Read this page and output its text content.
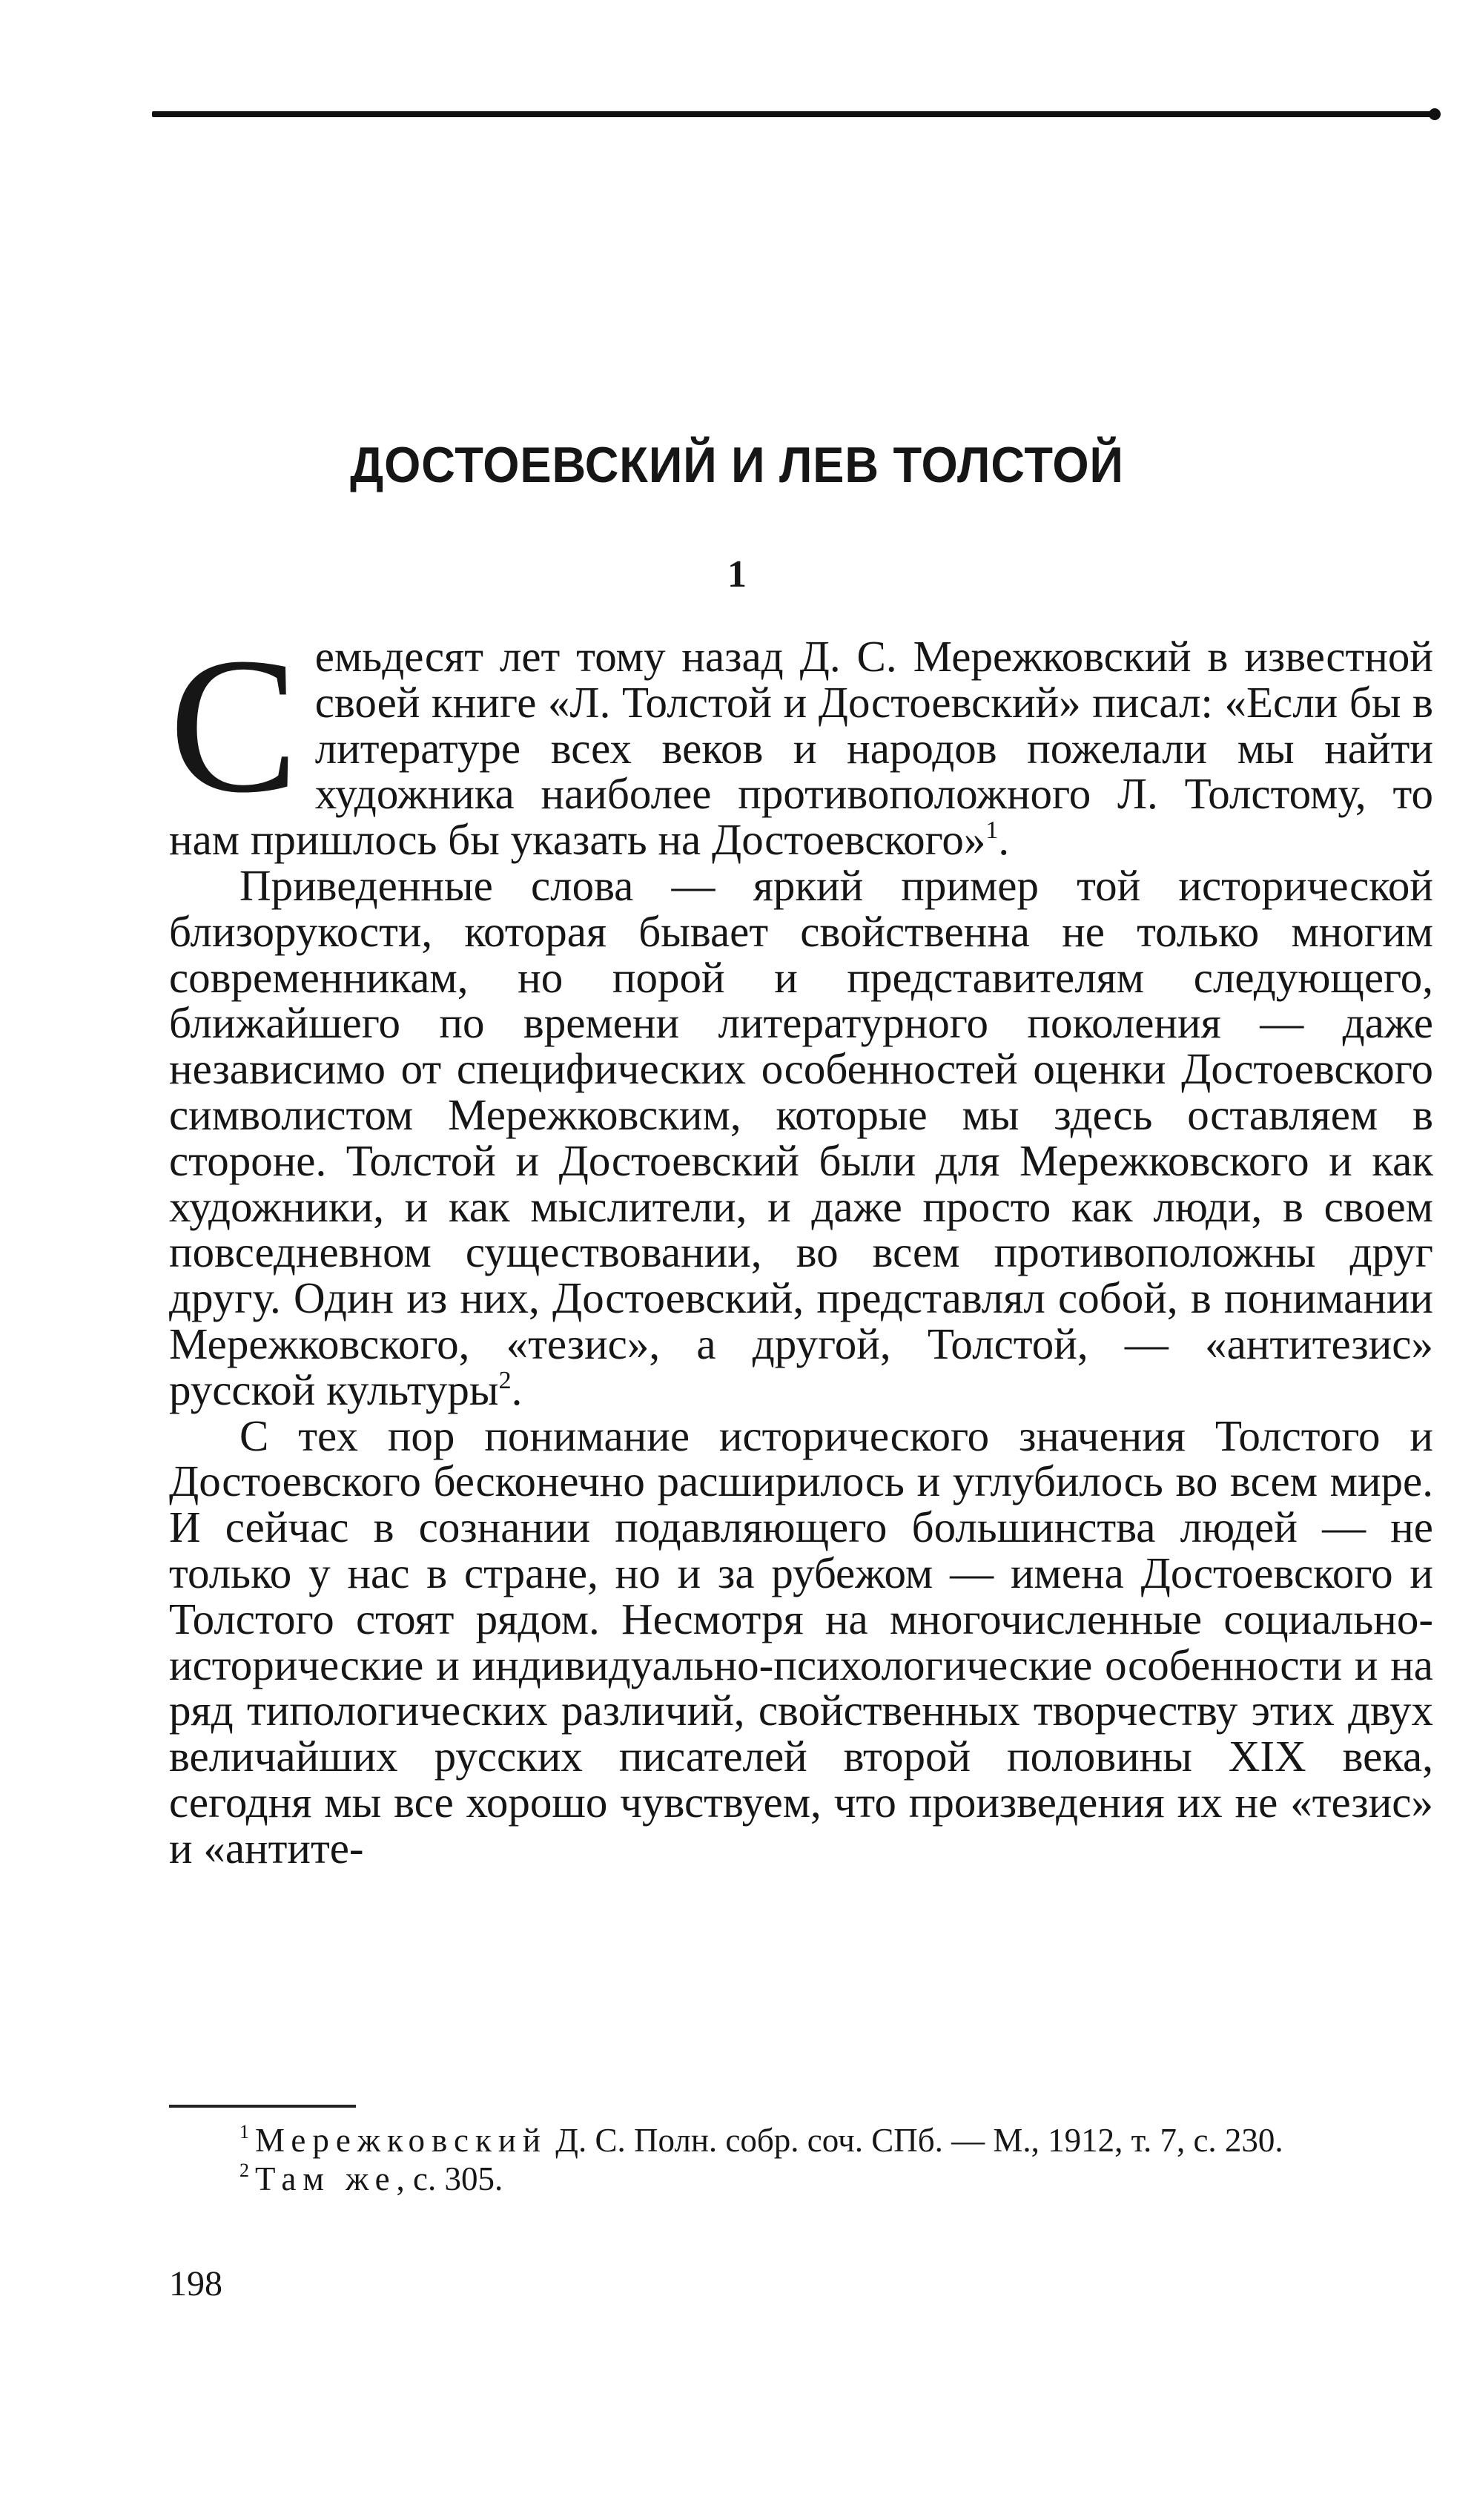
ДОСТОЕВСКИЙ И ЛЕВ ТОЛСТОЙ
1

Семьдесят лет тому назад Д. С. Мережковский в известной своей книге «Л. Толстой и Достоевский» писал: «Если бы в литературе всех веков и народов пожелали мы найти художника наиболее противоположного Л. Толстому, то нам пришлось бы указать на Достоевского»$^1$.

Приведенные слова — яркий пример той исторической близорукости, которая бывает свойственна не только многим современникам, но порой и представителям следующего, ближайшего по времени литературного поколения — даже независимо от специфических особенностей оценки Достоевского символистом Мережковским, которые мы здесь оставляем в стороне. Толстой и Достоевский были для Мережковского и как художники, и как мыслители, и даже просто как люди, в своем повседневном существовании, во всем противоположны друг другу. Один из них, Достоевский, представлял собой, в понимании Мережковского, «тезис», а другой, Толстой, — «антитезис» русской культуры$^2$.

С тех пор понимание исторического значения Толстого и Достоевского бесконечно расширилось и углубилось во всем мире. И сейчас в сознании подавляющего большинства людей — не только у нас в стране, но и за рубежом — имена Достоевского и Толстого стоят рядом. Несмотря на многочисленные социальноисторические и индивидуально-психологические особенности и на ряд типологических различий, свойственных творчеству этих двух величайших русских писателей второй половины XIX века, сегодня мы все хорошо чувствуем, что произведения их не «тезис» и «антите-

$^1$ Мережковский Д. С. Полн. собр. соч. СПб. — М., 1912, т. 7, с. 230.

$^2$ Там же, с. 305.

198
